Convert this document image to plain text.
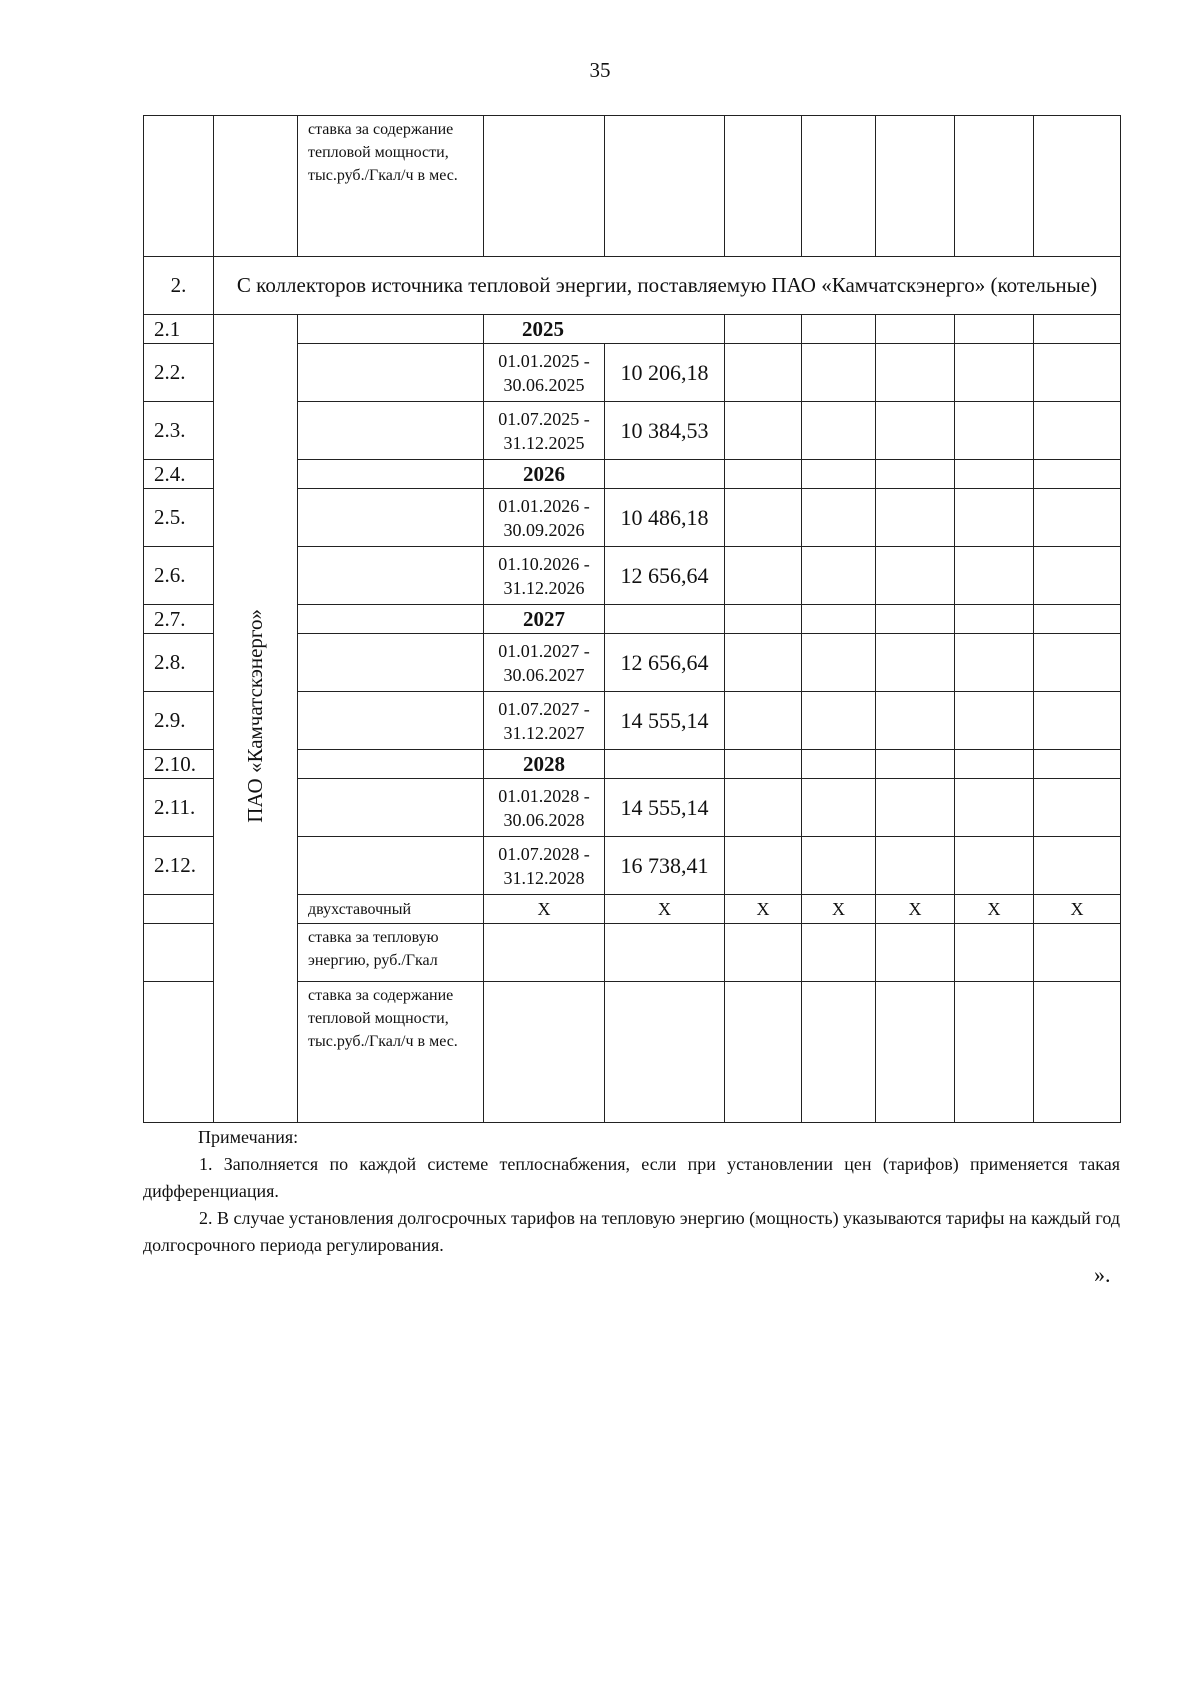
35
		ставка за содержание тепловой мощности, тыс.руб./Гкал/ч в мес.							
2.	С коллекторов источника тепловой энергии, поставляемую ПАО «Камчатскэнерго» (котельные)								
2.1	ПАО «Камчатскэнерго»		2025						
2.2.			01.01.2025 - 30.06.2025	10 206,18					
2.3.			01.07.2025 - 31.12.2025	10 384,53					
2.4.			2026						
2.5.			01.01.2026 - 30.09.2026	10 486,18					
2.6.			01.10.2026 - 31.12.2026	12 656,64					
2.7.			2027						
2.8.			01.01.2027 - 30.06.2027	12 656,64					
2.9.			01.07.2027 - 31.12.2027	14 555,14					
2.10.			2028						
2.11.			01.01.2028 - 30.06.2028	14 555,14					
2.12.			01.07.2028 - 31.12.2028	16 738,41					
		двухставочный	Х	Х	Х	Х	Х	Х	Х
		ставка за тепловую энергию, руб./Гкал							
		ставка за содержание тепловой мощности, тыс.руб./Гкал/ч в мес.							

Примечания:

1. Заполняется по каждой системе теплоснабжения, если при установлении цен (тарифов) применяется такая дифференциация.

2. В случае установления долгосрочных тарифов на тепловую энергию (мощность) указываются тарифы на каждый год долгосрочного периода регулирования.

».
